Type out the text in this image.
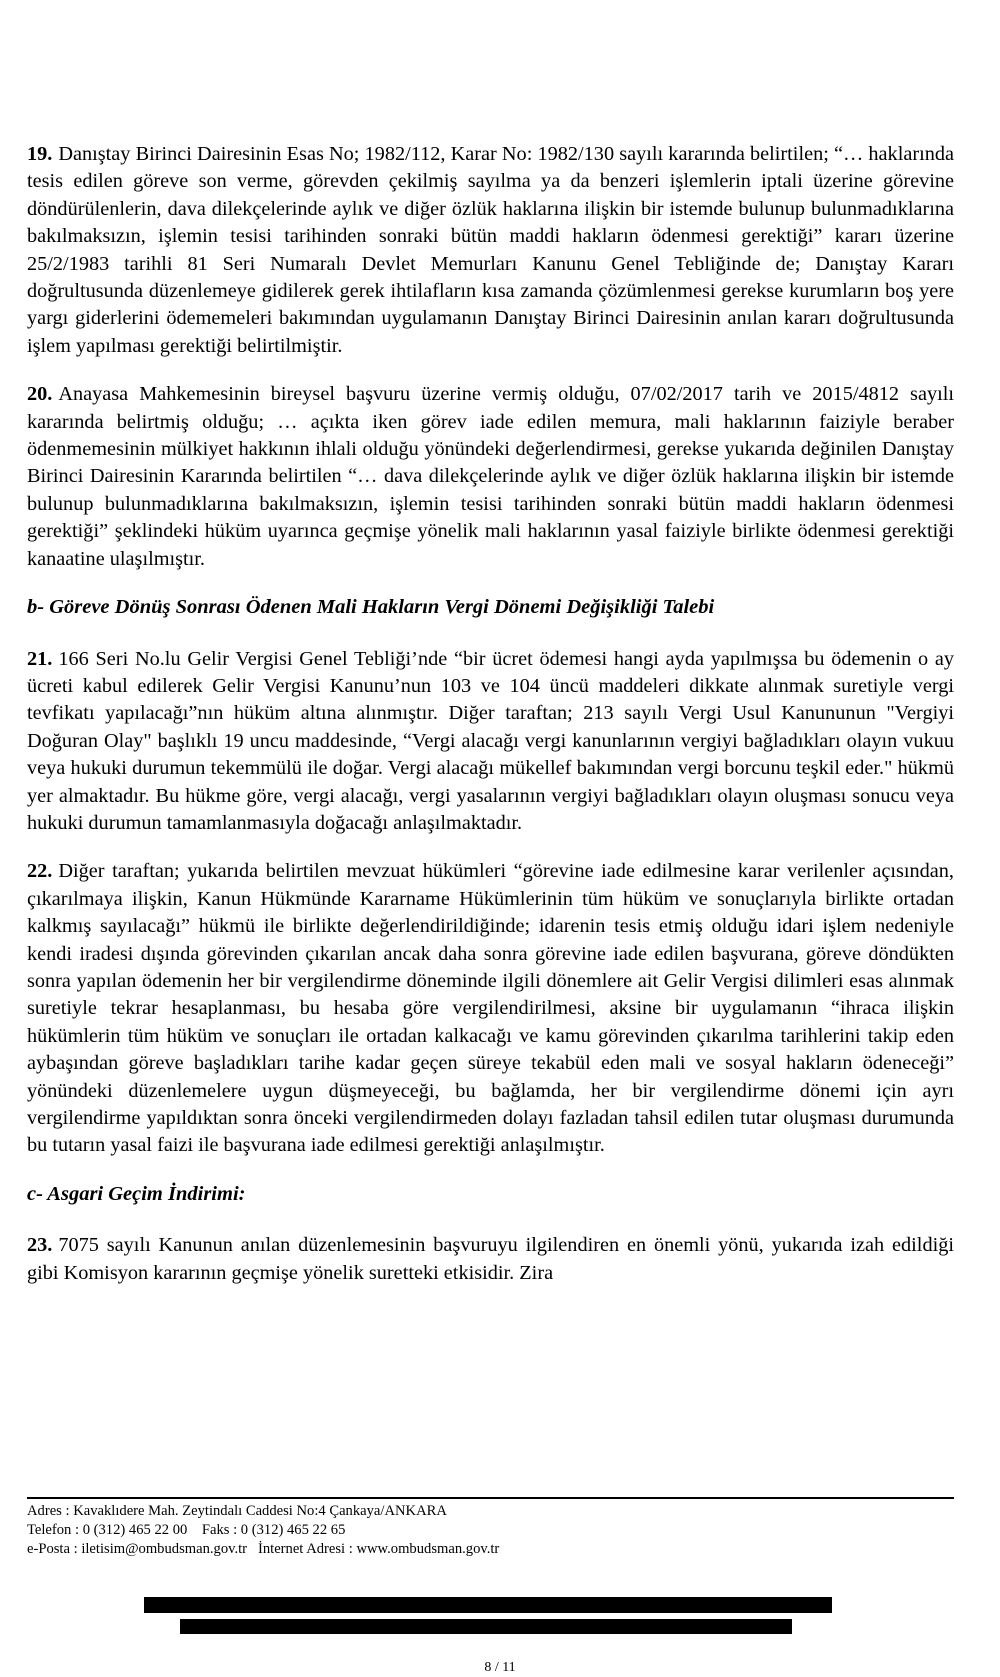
19. Danıştay Birinci Dairesinin Esas No; 1982/112, Karar No: 1982/130 sayılı kararında belirtilen; “… haklarında tesis edilen göreve son verme, görevden çekilmiş sayılma ya da benzeri işlemlerin iptali üzerine görevine döndürülenlerin, dava dilekçelerinde aylık ve diğer özlük haklarına ilişkin bir istemde bulunup bulunmadıklarına bakılmaksızın, işlemin tesisi tarihinden sonraki bütün maddi hakların ödenmesi gerektiği” kararı üzerine 25/2/1983 tarihli 81 Seri Numaralı Devlet Memurları Kanunu Genel Tebliğinde de; Danıştay Kararı doğrultusunda düzenlemeye gidilerek gerek ihtilafların kısa zamanda çözümlenmesi gerekse kurumların boş yere yargı giderlerini ödememeleri bakımından uygulamanın Danıştay Birinci Dairesinin anılan kararı doğrultusunda işlem yapılması gerektiği belirtilmiştir.

20. Anayasa Mahkemesinin bireysel başvuru üzerine vermiş olduğu, 07/02/2017 tarih ve 2015/4812 sayılı kararında belirtmiş olduğu; … açıkta iken görev iade edilen memura, mali haklarının faiziyle beraber ödenmemesinin mülkiyet hakkının ihlali olduğu yönündeki değerlendirmesi, gerekse yukarıda değinilen Danıştay Birinci Dairesinin Kararında belirtilen “… dava dilekçelerinde aylık ve diğer özlük haklarına ilişkin bir istemde bulunup bulunmadıklarına bakılmaksızın, işlemin tesisi tarihinden sonraki bütün maddi hakların ödenmesi gerektiği” şeklindeki hüküm uyarınca geçmişe yönelik mali haklarının yasal faiziyle birlikte ödenmesi gerektiği kanaatine ulaşılmıştır.

b- Göreve Dönüş Sonrası Ödenen Mali Hakların Vergi Dönemi Değişikliği Talebi

21. 166 Seri No.lu Gelir Vergisi Genel Tebliği’nde “bir ücret ödemesi hangi ayda yapılmışsa bu ödemenin o ay ücreti kabul edilerek Gelir Vergisi Kanunu’nun 103 ve 104 üncü maddeleri dikkate alınmak suretiyle vergi tevfikatı yapılacağı”nın hüküm altına alınmıştır. Diğer taraftan; 213 sayılı Vergi Usul Kanununun "Vergiyi Doğuran Olay" başlıklı 19 uncu maddesinde, “Vergi alacağı vergi kanunlarının vergiyi bağladıkları olayın vukuu veya hukuki durumun tekemmülü ile doğar. Vergi alacağı mükellef bakımından vergi borcunu teşkil eder." hükmü yer almaktadır. Bu hükme göre, vergi alacağı, vergi yasalarının vergiyi bağladıkları olayın oluşması sonucu veya hukuki durumun tamamlanmasıyla doğacağı anlaşılmaktadır.

22. Diğer taraftan; yukarıda belirtilen mevzuat hükümleri “görevine iade edilmesine karar verilenler açısından, çıkarılmaya ilişkin, Kanun Hükmünde Kararname Hükümlerinin tüm hüküm ve sonuçlarıyla birlikte ortadan kalkmış sayılacağı” hükmü ile birlikte değerlendirildiğinde; idarenin tesis etmiş olduğu idari işlem nedeniyle kendi iradesi dışında görevinden çıkarılan ancak daha sonra görevine iade edilen başvurana, göreve döndükten sonra yapılan ödemenin her bir vergilendirme döneminde ilgili dönemlere ait Gelir Vergisi dilimleri esas alınmak suretiyle tekrar hesaplanması, bu hesaba göre vergilendirilmesi, aksine bir uygulamanın “ihraca ilişkin hükümlerin tüm hüküm ve sonuçları ile ortadan kalkacağı ve kamu görevinden çıkarılma tarihlerini takip eden aybaşından göreve başladıkları tarihe kadar geçen süreye tekabül eden mali ve sosyal hakların ödeneceği” yönündeki düzenlemelere uygun düşmeyeceği, bu bağlamda, her bir vergilendirme dönemi için ayrı vergilendirme yapıldıktan sonra önceki vergilendirmeden dolayı fazladan tahsil edilen tutar oluşması durumunda bu tutarın yasal faizi ile başvurana iade edilmesi gerektiği anlaşılmıştır.

c- Asgari Geçim İndirimi:

23. 7075 sayılı Kanunun anılan düzenlemesinin başvuruyu ilgilendiren en önemli yönü, yukarıda izah edildiği gibi Komisyon kararının geçmişe yönelik suretteki etkisidir. Zira

Adres : Kavaklıdere Mah. Zeytindalı Caddesi No:4 Çankaya/ANKARA
Telefon : 0 (312) 465 22 00    Faks : 0 (312) 465 22 65
e-Posta : iletisim@ombudsman.gov.tr   İnternet Adresi : www.ombudsman.gov.tr
8 / 11
